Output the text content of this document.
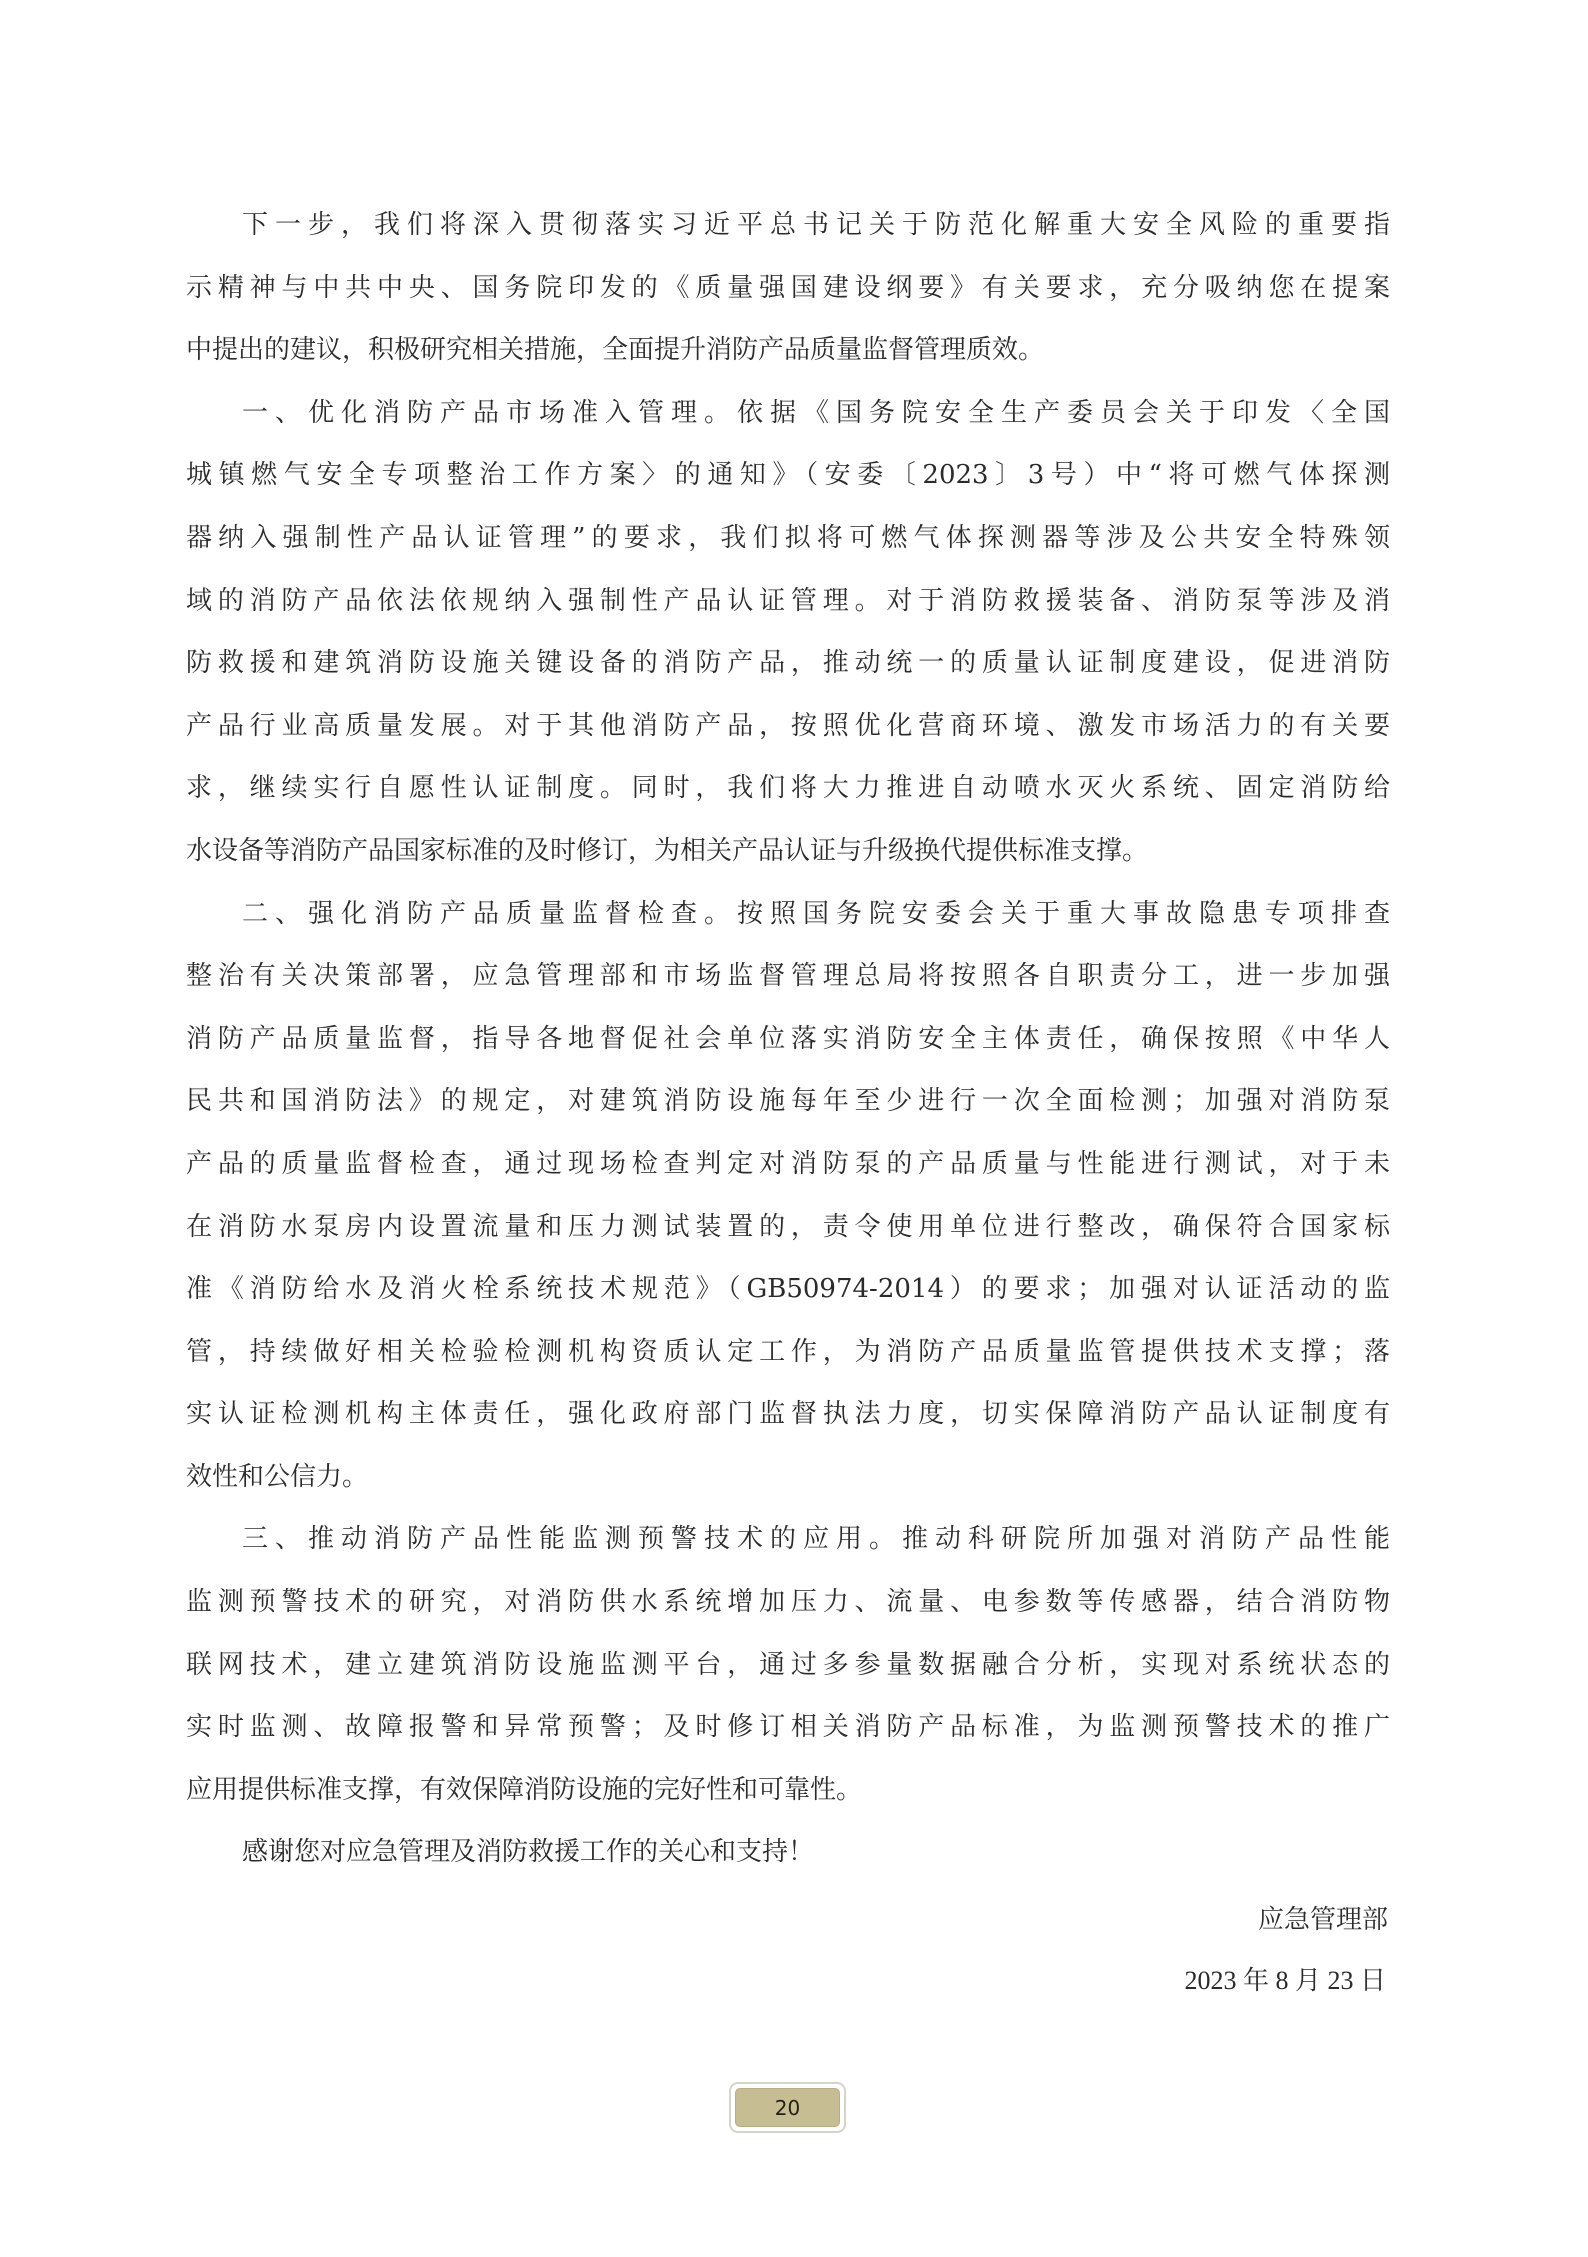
下一步，我们将深入贯彻落实习近平总书记关于防范化解重大安全风险的重要指
示精神与中共中央、国务院印发的《质量强国建设纲要》有关要求，充分吸纳您在提案
中提出的建议，积极研究相关措施，全面提升消防产品质量监督管理质效。
一、优化消防产品市场准入管理。依据《国务院安全生产委员会关于印发〈全国
城镇燃气安全专项整治工作方案〉的通知》（安委〔2023〕3号）中“将可燃气体探测
器纳入强制性产品认证管理”的要求，我们拟将可燃气体探测器等涉及公共安全特殊领
域的消防产品依法依规纳入强制性产品认证管理。对于消防救援装备、消防泵等涉及消
防救援和建筑消防设施关键设备的消防产品，推动统一的质量认证制度建设，促进消防
产品行业高质量发展。对于其他消防产品，按照优化营商环境、激发市场活力的有关要
求，继续实行自愿性认证制度。同时，我们将大力推进自动喷水灭火系统、固定消防给
水设备等消防产品国家标准的及时修订，为相关产品认证与升级换代提供标准支撑。
二、强化消防产品质量监督检查。按照国务院安委会关于重大事故隐患专项排查
整治有关决策部署，应急管理部和市场监督管理总局将按照各自职责分工，进一步加强
消防产品质量监督，指导各地督促社会单位落实消防安全主体责任，确保按照《中华人
民共和国消防法》的规定，对建筑消防设施每年至少进行一次全面检测；加强对消防泵
产品的质量监督检查，通过现场检查判定对消防泵的产品质量与性能进行测试，对于未
在消防水泵房内设置流量和压力测试装置的，责令使用单位进行整改，确保符合国家标
准《消防给水及消火栓系统技术规范》（GB50974-2014）的要求；加强对认证活动的监
管，持续做好相关检验检测机构资质认定工作，为消防产品质量监管提供技术支撑；落
实认证检测机构主体责任，强化政府部门监督执法力度，切实保障消防产品认证制度有
效性和公信力。
三、推动消防产品性能监测预警技术的应用。推动科研院所加强对消防产品性能
监测预警技术的研究，对消防供水系统增加压力、流量、电参数等传感器，结合消防物
联网技术，建立建筑消防设施监测平台，通过多参量数据融合分析，实现对系统状态的
实时监测、故障报警和异常预警；及时修订相关消防产品标准，为监测预警技术的推广
应用提供标准支撑，有效保障消防设施的完好性和可靠性。
感谢您对应急管理及消防救援工作的关心和支持！
应急管理部
2023 年 8 月 23 日
20
